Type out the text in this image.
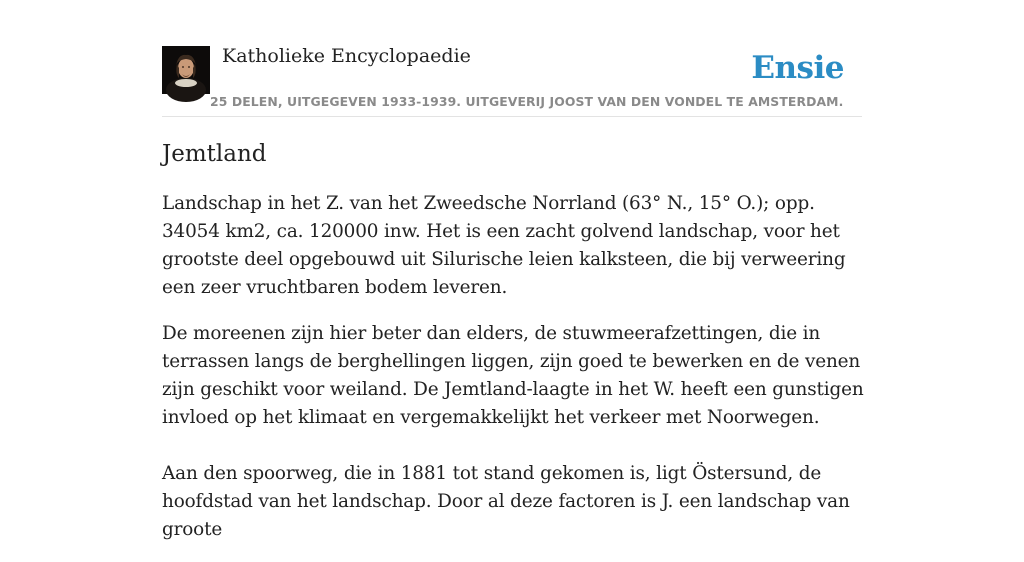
Katholieke Encyclopaedie	Ensie
25 DELEN, UITGEGEVEN 1933-1939. UITGEVERIJ JOOST VAN DEN VONDEL TE AMSTERDAM.
Jemtland

Landschap in het Z. van het Zweedsche Norrland (63° N., 15° O.); opp. 34054 km2, ca. 120000 inw. Het is een zacht golvend landschap, voor het grootste deel opgebouwd uit Silurische leien kalksteen, die bij verweering een zeer vruchtbaren bodem leveren.

De moreenen zijn hier beter dan elders, de stuwmeerafzettingen, die in terrassen langs de berghellingen liggen, zijn goed te bewerken en de venen zijn geschikt voor weiland. De Jemtland-laagte in het W. heeft een gunstigen invloed op het klimaat en vergemakkelijkt het verkeer met Noorwegen.

Aan den spoorweg, die in 1881 tot stand gekomen is, ligt Östersund, de hoofdstad van het landschap. Door al deze factoren is J. een landschap van groote
